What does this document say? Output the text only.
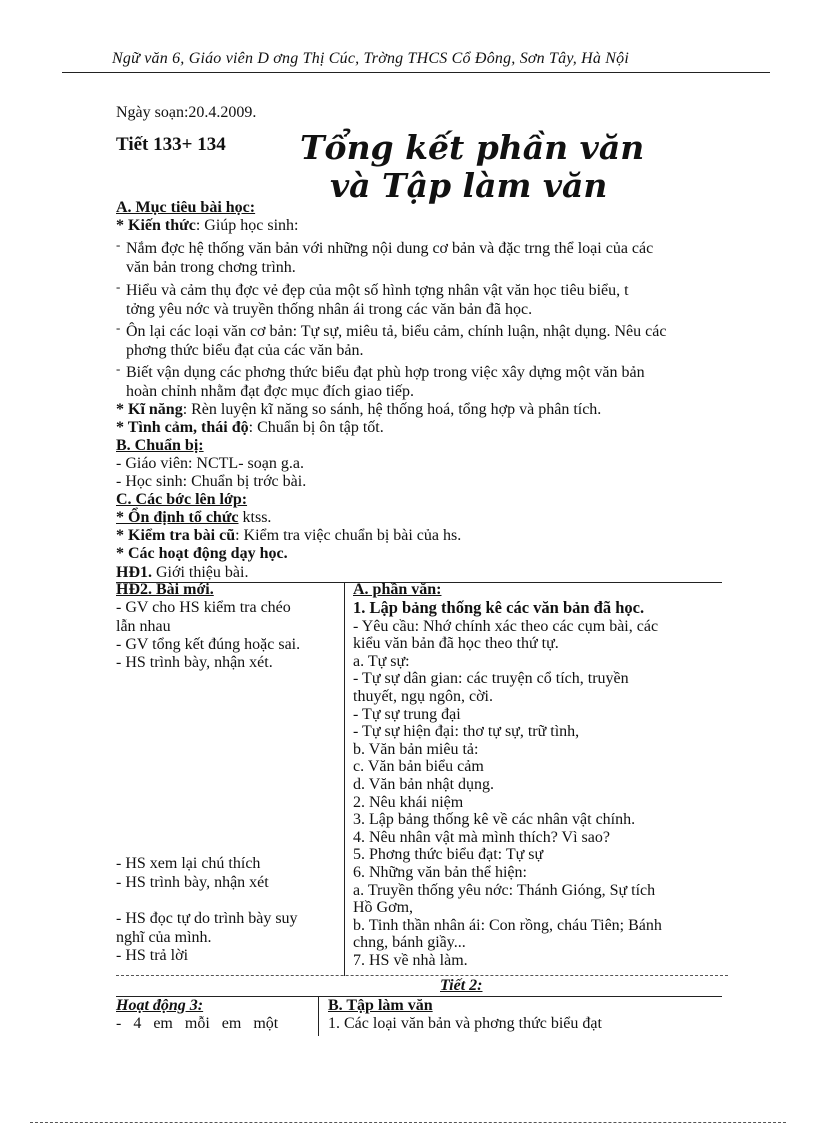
Ngữ văn 6, Giáo viên D ơng Thị Cúc, Trờng THCS Cổ Đông, Sơn Tây, Hà Nội
Ngày soạn:20.4.2009.
Tiết 133+ 134 Tổng kết phần văn
và Tập làm văn
A. Mục tiêu bài học:
* Kiến thức: Giúp học sinh:
- Nắm đợc hệ thống văn bản với những nội dung cơ bản và đặc trng thể loại của các
văn bản trong chơng trình.
- Hiểu và cảm thụ đợc vẻ đẹp của một số hình tợng nhân vật văn học tiêu biểu, t
tởng yêu nớc và truyền thống nhân ái trong các văn bản đã học.
- Ôn lại các loại văn cơ bản: Tự sự, miêu tả, biểu cảm, chính luận, nhật dụng. Nêu các
phơng thức biểu đạt của các văn bản.
- Biết vận dụng các phơng thức biểu đạt phù hợp trong việc xây dựng một văn bản
hoàn chỉnh nhằm đạt đợc mục đích giao tiếp.
* Kĩ năng: Rèn luyện kĩ năng so sánh, hệ thống hoá, tổng hợp và phân tích.
* Tình cảm, thái độ: Chuẩn bị ôn tập tốt.
B. Chuẩn bị:
- Giáo viên: NCTL- soạn g.a.
- Học sinh: Chuẩn bị trớc bài.
C. Các bớc lên lớp:
* Ổn định tổ chức ktss.
* Kiểm tra bài cũ: Kiểm tra việc chuẩn bị bài của hs.
* Các hoạt động dạy học.
HĐ1. Giới thiệu bài.
HĐ2. Bài mới.
- GV cho HS kiểm tra chéo
lẫn nhau
- GV tổng kết đúng hoặc sai.
- HS trình bày, nhận xét.
- HS xem lại chú thích
- HS trình bày, nhận xét
- HS đọc tự do trình bày suy
nghĩ của mình.
- HS trả lời
A. phần văn:
1. Lập bảng thống kê các văn bản đã học.
- Yêu cầu: Nhớ chính xác theo các cụm bài, các
kiểu văn bản đã học theo thứ tự.
a. Tự sự:
- Tự sự dân gian: các truyện cổ tích, truyền
thuyết, ngụ ngôn, cời.
- Tự sự trung đại
- Tự sự hiện đại: thơ tự sự, trữ tình,
b. Văn bản miêu tả:
c. Văn bản biểu cảm
d. Văn bản nhật dụng.
2. Nêu khái niệm
3. Lập bảng thống kê về các nhân vật chính.
4. Nêu nhân vật mà mình thích? Vì sao?
5. Phơng thức biểu đạt: Tự sự
6. Những văn bản thể hiện:
a. Truyền thống yêu nớc: Thánh Gióng, Sự tích
Hồ Gơm,
b. Tinh thần nhân ái: Con rồng, cháu Tiên; Bánh
chng, bánh giầy...
7. HS về nhà làm.
Tiết 2:
Hoạt động 3:
-   4   em   mỗi   em   một
B. Tập làm văn
1. Các loại văn bản và phơng thức biểu đạt
